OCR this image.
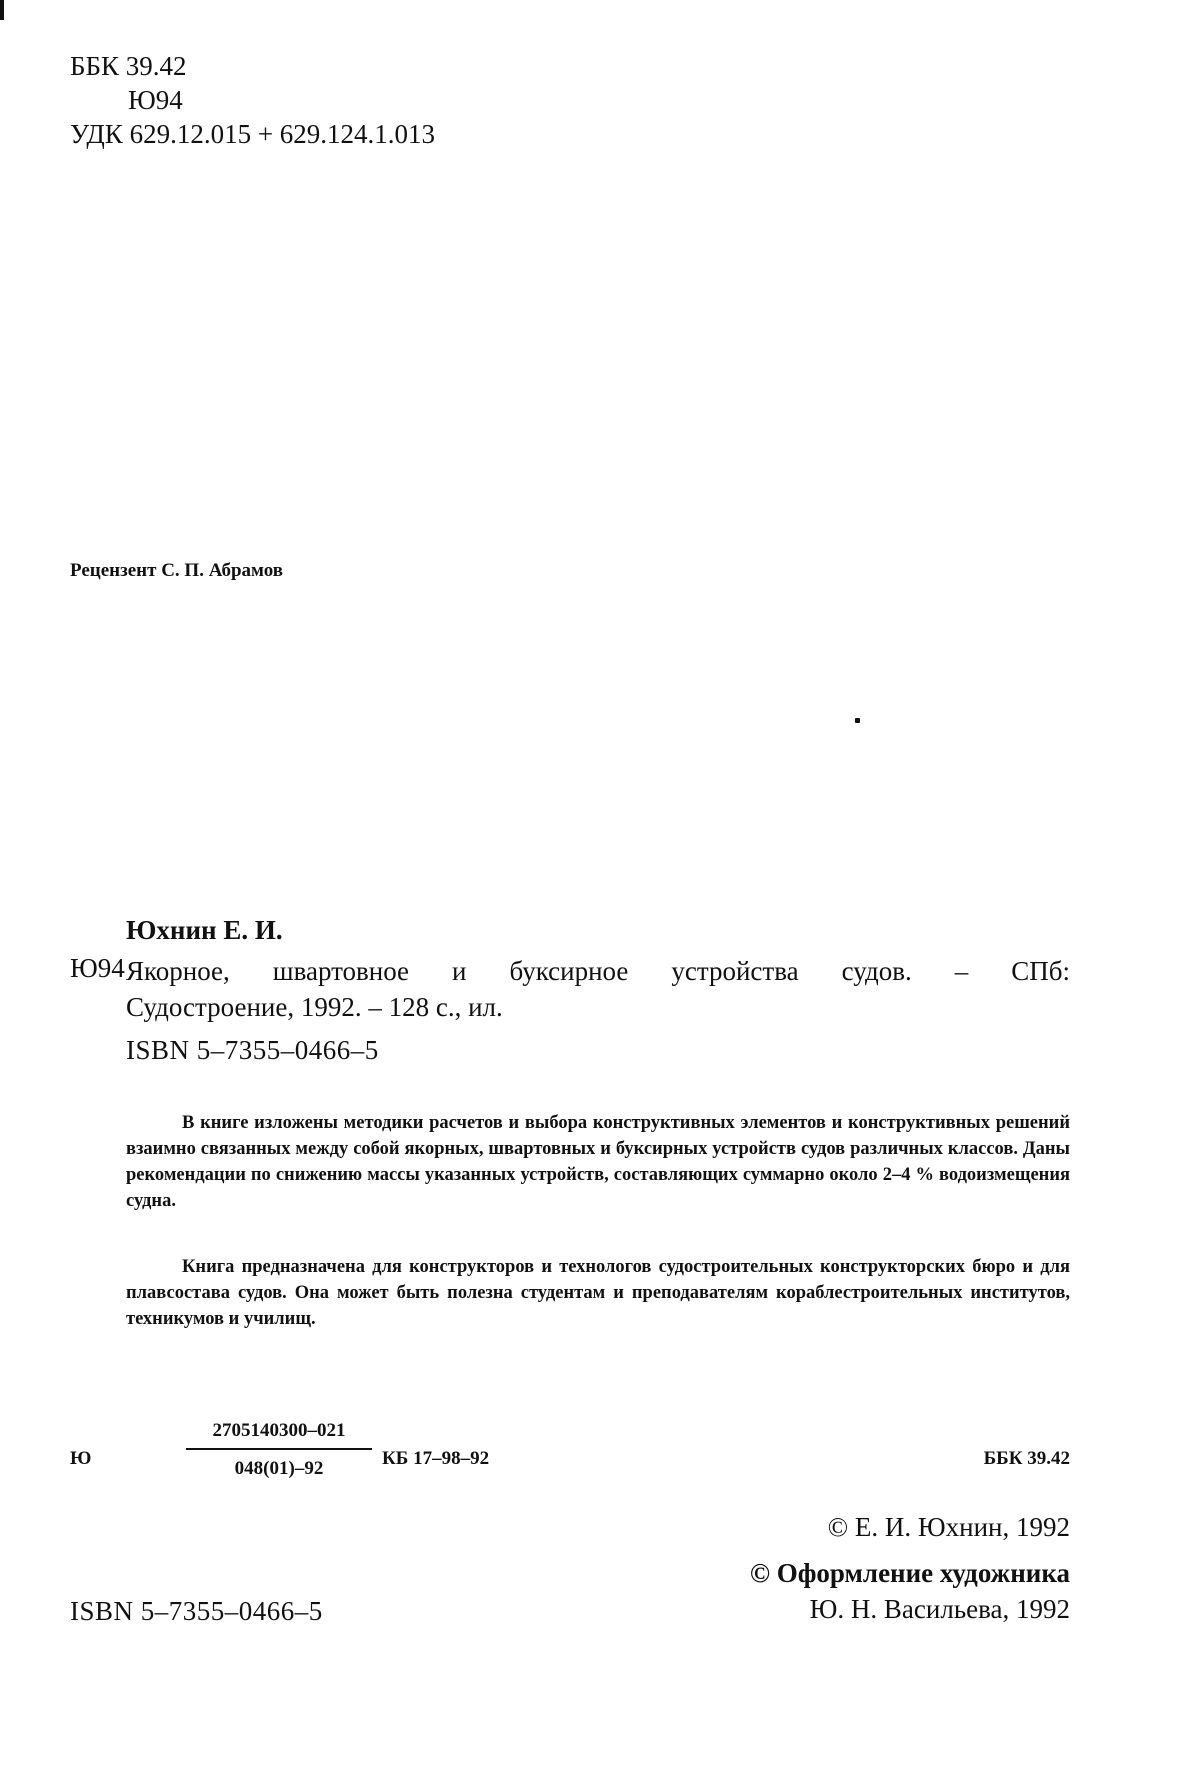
ББК 39.42
Ю94
УДК 629.12.015 + 629.124.1.013
Рецензент С. П. Абрамов
Юхнин Е. И.
Ю94 Якорное, швартовное и буксирное устройства судов. – СПб:
Судостроение, 1992. – 128 с., ил.
ISBN 5–7355–0466–5

В книге изложены методики расчетов и выбора конструктивных элементов и конструктивных решений взаимно связанных между собой якорных, швартовных и буксирных устройств судов различных классов. Даны рекомендации по снижению массы указанных устройств, составляющих суммарно около 2–4 % водоизмещения судна.

Книга предназначена для конструкторов и технологов судостроительных конструкторских бюро и для плавсостава судов. Она может быть полезна студентам и преподавателям кораблестроительных институтов, техникумов и училищ.

Ю	$\frac{2705140300-021}{048(01)-92}$ КБ 17–98–92	ББК 39.42
© Е. И. Юхнин, 1992
© Оформление художника
Ю. Н. Васильева, 1992
ISBN 5–7355–0466–5
